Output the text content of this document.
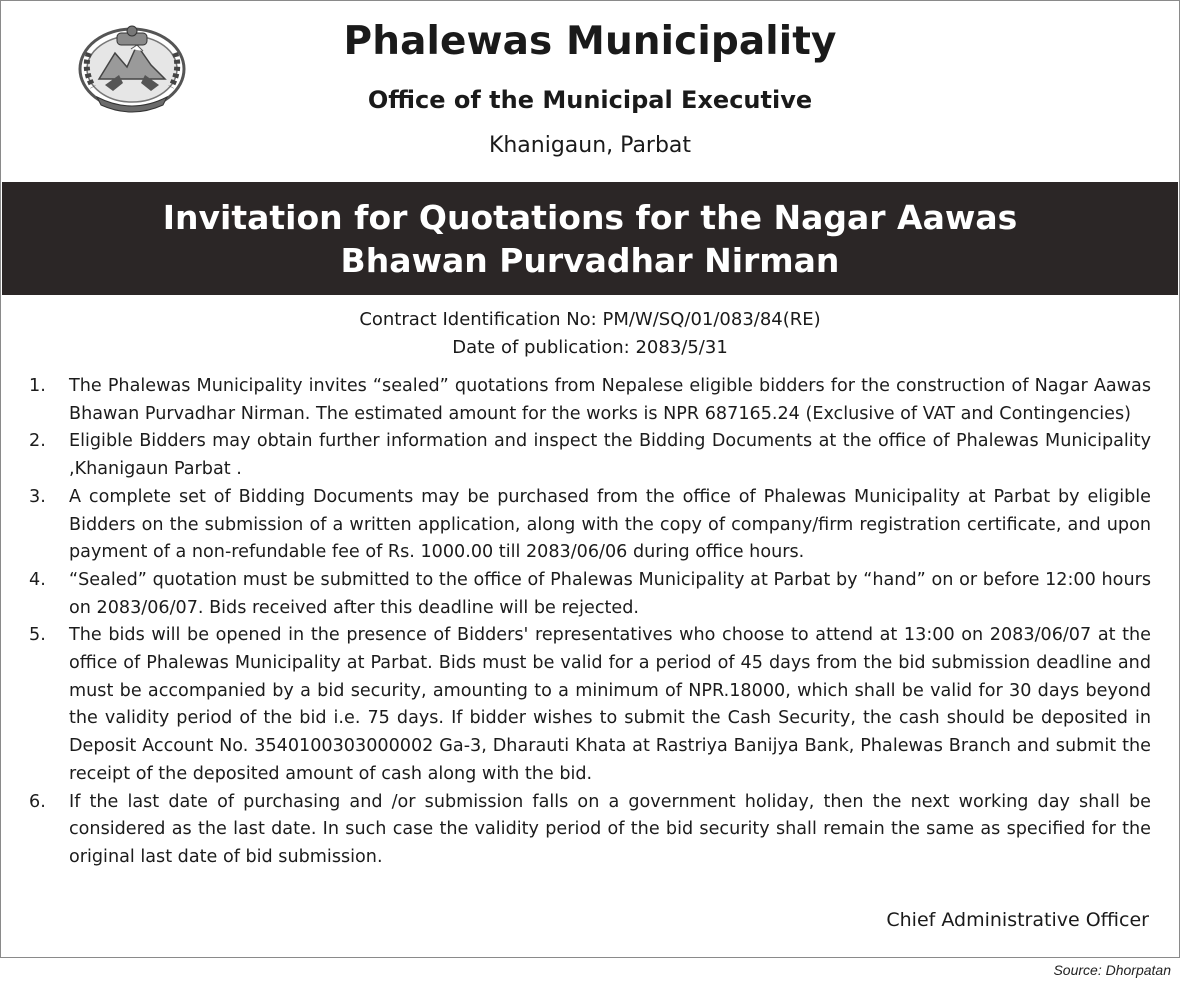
Phalewas Municipality
Office of the Municipal Executive
Khanigaun, Parbat
Invitation for Quotations for the Nagar Aawas Bhawan Purvadhar Nirman
Contract Identification No: PM/W/SQ/01/083/84(RE)
Date of publication: 2083/5/31
1.	The Phalewas Municipality invites “sealed” quotations from Nepalese eligible bidders for the construction of Nagar Aawas Bhawan Purvadhar Nirman. The estimated amount for the works is NPR 687165.24 (Exclusive of VAT and Contingencies)
2.	Eligible Bidders may obtain further information and inspect the Bidding Documents at the office of Phalewas Municipality ,Khanigaun Parbat .
3.	A complete set of Bidding Documents may be purchased from the office of Phalewas Municipality at Parbat by eligible Bidders on the submission of a written application, along with the copy of company/firm registration certificate, and upon payment of a non-refundable fee of Rs. 1000.00 till 2083/06/06 during office hours.
4.	“Sealed” quotation must be submitted to the office of Phalewas Municipality at Parbat by “hand” on or before 12:00 hours on 2083/06/07. Bids received after this deadline will be rejected.
5.	The bids will be opened in the presence of Bidders' representatives who choose to attend at 13:00 on 2083/06/07 at the office of Phalewas Municipality at Parbat. Bids must be valid for a period of 45 days from the bid submission deadline and must be accompanied by a bid security, amounting to a minimum of NPR.18000, which shall be valid for 30 days beyond the validity period of the bid i.e. 75 days. If bidder wishes to submit the Cash Security, the cash should be deposited in Deposit Account No. 3540100303000002 Ga-3, Dharauti Khata at Rastriya Banijya Bank, Phalewas Branch and submit the receipt of the deposited amount of cash along with the bid.
6.	If the last date of purchasing and /or submission falls on a government holiday, then the next working day shall be considered as the last date. In such case the validity period of the bid security shall remain the same as specified for the original last date of bid submission.
Chief Administrative Officer
Source: Dhorpatan
